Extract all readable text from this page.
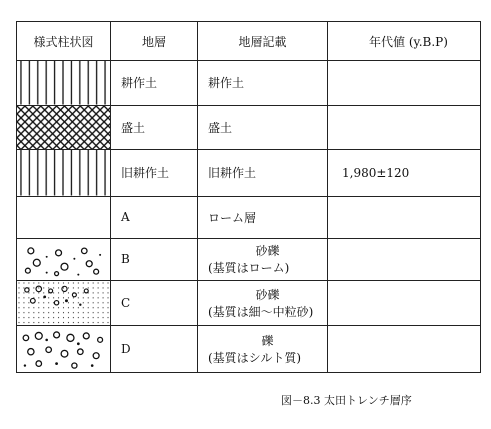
様式柱状図	地層	地層記載	年代値 (y.B.P)

	耕作土	耕作土	

	盛土	盛土	

	旧耕作土	旧耕作土	1,980±120
	A	ローム層	

	B	砂礫
(基質はローム)	

	C	砂礫
(基質は細～中粒砂)	

	D	礫
(基質はシルト質)	

図－8.3 太田トレンチ層序
